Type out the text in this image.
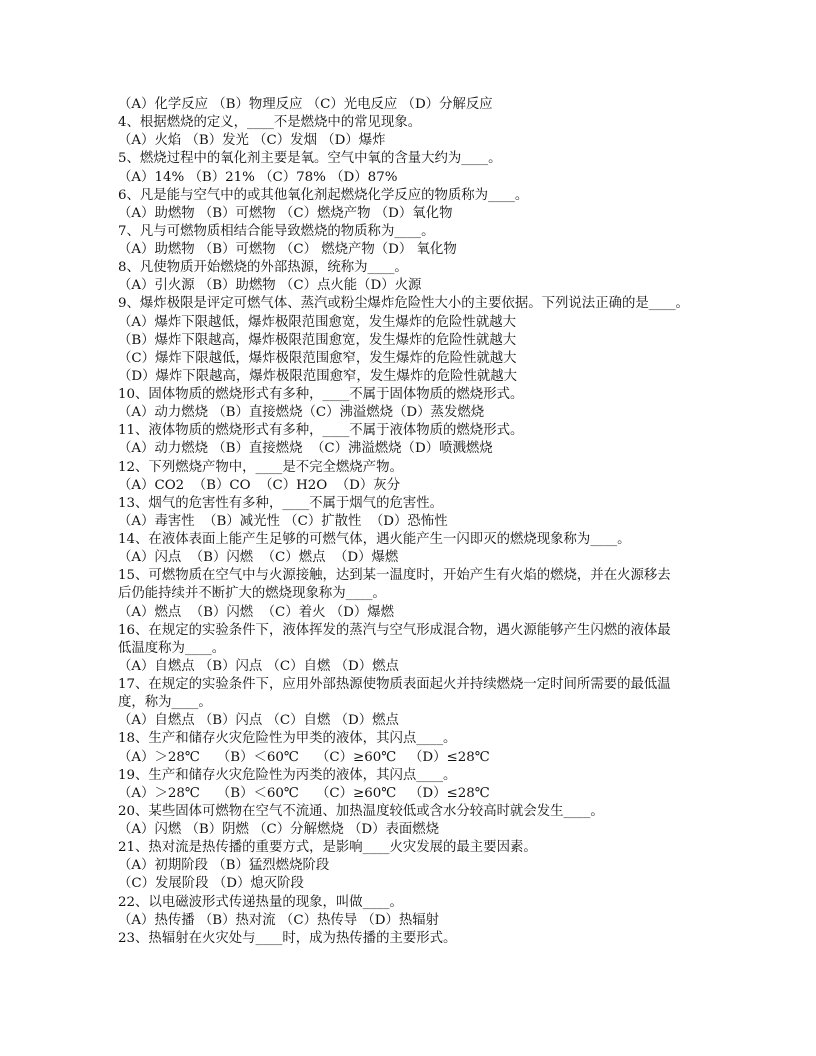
（A）化学反应 （B）物理反应 （C）光电反应 （D）分解反应
4、根据燃烧的定义，____不是燃烧中的常见现象。
（A）火焰 （B）发光 （C）发烟 （D）爆炸
5、燃烧过程中的氧化剂主要是氧。空气中氧的含量大约为____。
（A）14% （B）21% （C）78% （D）87%
6、凡是能与空气中的或其他氧化剂起燃烧化学反应的物质称为____。
（A）助燃物 （B）可燃物 （C）燃烧产物 （D）氧化物
7、凡与可燃物质相结合能导致燃烧的物质称为____。
（A）助燃物 （B）可燃物 （C） 燃烧产物（D） 氧化物
8、凡使物质开始燃烧的外部热源，统称为____。
（A）引火源 （B）助燃物 （C）点火能（D）火源
9、爆炸极限是评定可燃气体、蒸汽或粉尘爆炸危险性大小的主要依据。下列说法正确的是____。
（A）爆炸下限越低，爆炸极限范围愈宽，发生爆炸的危险性就越大
（B）爆炸下限越高，爆炸极限范围愈宽，发生爆炸的危险性就越大
（C）爆炸下限越低，爆炸极限范围愈窄，发生爆炸的危险性就越大
（D）爆炸下限越高，爆炸极限范围愈窄，发生爆炸的危险性就越大
10、固体物质的燃烧形式有多种，____不属于固体物质的燃烧形式。
（A）动力燃烧 （B）直接燃烧（C）沸溢燃烧（D）蒸发燃烧
11、液体物质的燃烧形式有多种，____不属于液体物质的燃烧形式。
（A）动力燃烧 （B）直接燃烧  （C）沸溢燃烧（D）喷溅燃烧
12、下列燃烧产物中，____是不完全燃烧产物。
（A）CO2  （B）CO  （C）H2O  （D）灰分
13、烟气的危害性有多种，____不属于烟气的危害性。
（A）毒害性  （B）减光性 （C）扩散性  （D）恐怖性
14、在液体表面上能产生足够的可燃气体，遇火能产生一闪即灭的燃烧现象称为____。
（A）闪点  （B）闪燃  （C）燃点  （D）爆燃
15、可燃物质在空气中与火源接触，达到某一温度时，开始产生有火焰的燃烧，并在火源移去
后仍能持续并不断扩大的燃烧现象称为____。
（A）燃点  （B）闪燃  （C）着火 （D）爆燃
16、在规定的实验条件下，液体挥发的蒸汽与空气形成混合物，遇火源能够产生闪燃的液体最
低温度称为____。
（A）自燃点 （B）闪点 （C）自燃 （D）燃点
17、在规定的实验条件下，应用外部热源使物质表面起火并持续燃烧一定时间所需要的最低温
度，称为____。
（A）自燃点 （B）闪点 （C）自燃 （D）燃点
18、生产和储存火灾危险性为甲类的液体，其闪点____。
（A）＞28℃    （B）＜60℃    （C）≥60℃   （D）≤28℃
19、生产和储存火灾危险性为丙类的液体，其闪点____。
（A）＞28℃    （B）＜60℃    （C）≥60℃   （D）≤28℃
20、某些固体可燃物在空气不流通、加热温度较低或含水分较高时就会发生____。
（A）闪燃 （B）阴燃 （C）分解燃烧 （D）表面燃烧
21、热对流是热传播的重要方式，是影响____火灾发展的最主要因素。
（A）初期阶段 （B）猛烈燃烧阶段
（C）发展阶段 （D）熄灭阶段
22、以电磁波形式传递热量的现象，叫做____。
（A）热传播 （B）热对流 （C）热传导 （D）热辐射
23、热辐射在火灾处与____时，成为热传播的主要形式。
